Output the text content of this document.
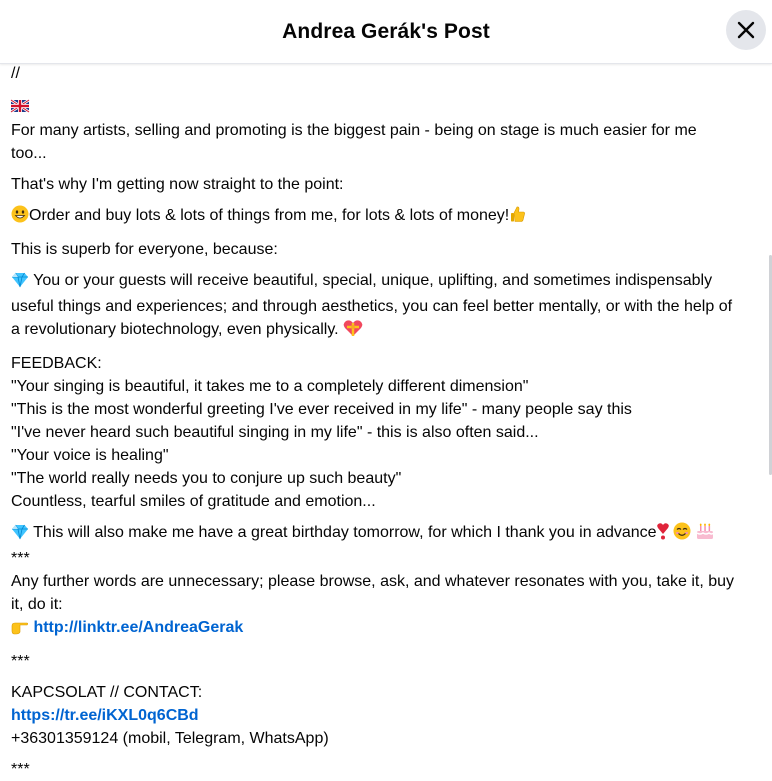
Andrea Gerák's Post
//
For many artists, selling and promoting is the biggest pain - being on stage is much easier for me
too...
That's why I'm getting now straight to the point:
Order and buy lots & lots of things from me, for lots & lots of money!
This is superb for everyone, because:
You or your guests will receive beautiful, special, unique, uplifting, and sometimes indispensably
useful things and experiences; and through aesthetics, you can feel better mentally, or with the help of
a revolutionary biotechnology, even physically.
FEEDBACK:
"Your singing is beautiful, it takes me to a completely different dimension"
"This is the most wonderful greeting I've ever received in my life" - many people say this
"I've never heard such beautiful singing in my life" - this is also often said...
"Your voice is healing"
"The world really needs you to conjure up such beauty"
Countless, tearful smiles of gratitude and emotion...
This will also make me have a great birthday tomorrow, for which I thank you in advance
***
Any further words are unnecessary; please browse, ask, and whatever resonates with you, take it, buy
it, do it:
http://linktr.ee/AndreaGerak
***
KAPCSOLAT // CONTACT:
https://tr.ee/iKXL0q6CBd
+36301359124 (mobil, Telegram, WhatsApp)
***
